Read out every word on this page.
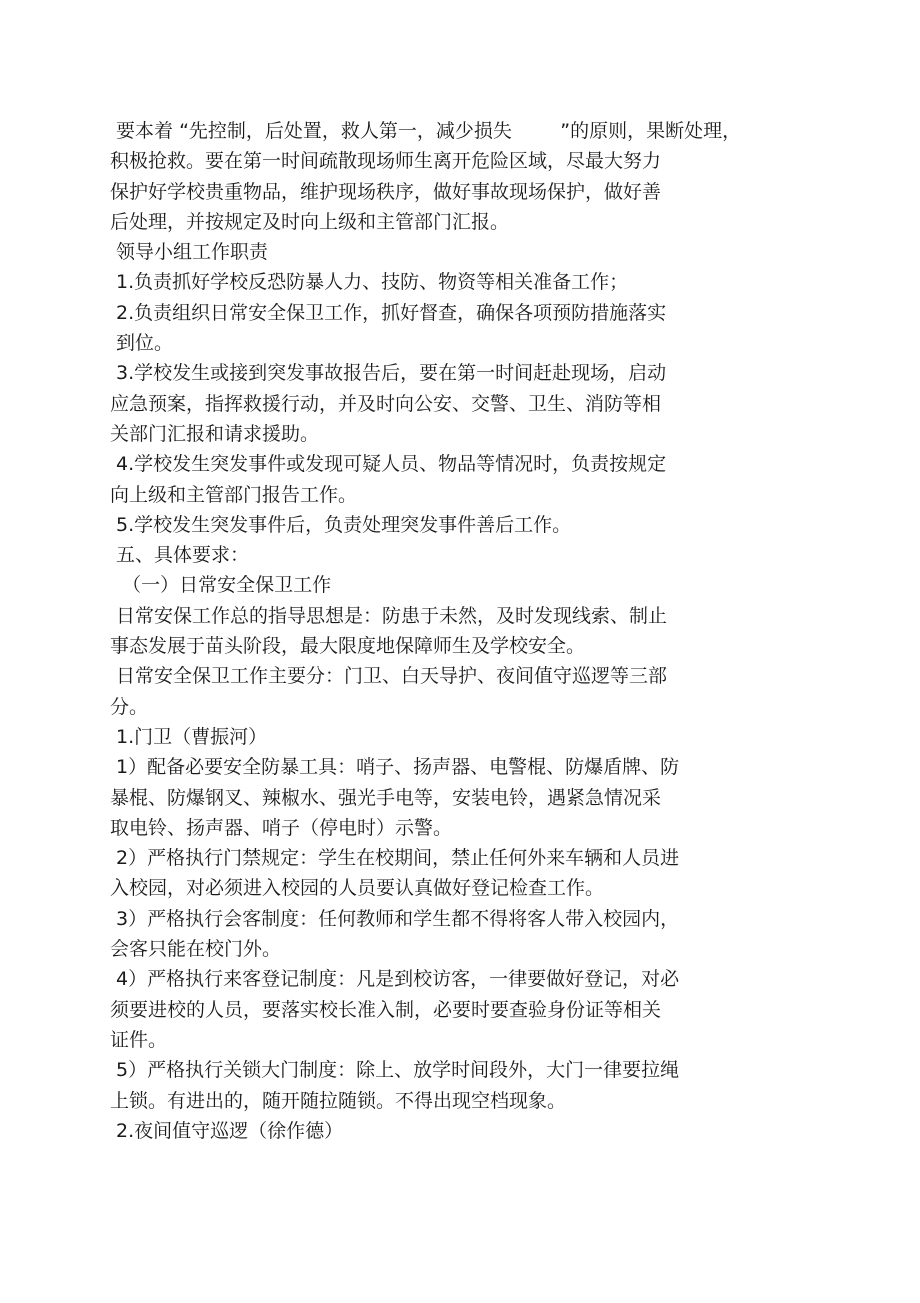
要本着 “先控制，后处置，救人第一，减少损失        ”的原则，果断处理，
积极抢救。要在第一时间疏散现场师生离开危险区域，尽最大努力
保护好学校贵重物品，维护现场秩序，做好事故现场保护，做好善
后处理，并按规定及时向上级和主管部门汇报。
领导小组工作职责
1.负责抓好学校反恐防暴人力、技防、物资等相关准备工作；
2.负责组织日常安全保卫工作，抓好督查，确保各项预防措施落实
到位。
3.学校发生或接到突发事故报告后，要在第一时间赶赴现场，启动
应急预案，指挥救援行动，并及时向公安、交警、卫生、消防等相
关部门汇报和请求援助。
4.学校发生突发事件或发现可疑人员、物品等情况时，负责按规定
向上级和主管部门报告工作。
5.学校发生突发事件后，负责处理突发事件善后工作。
五、具体要求：
（一）日常安全保卫工作
日常安保工作总的指导思想是：防患于未然，及时发现线索、制止
事态发展于苗头阶段，最大限度地保障师生及学校安全。
日常安全保卫工作主要分：门卫、白天导护、夜间值守巡逻等三部
分。
1.门卫（曹振河）
1）配备必要安全防暴工具：哨子、扬声器、电警棍、防爆盾牌、防
暴棍、防爆钢叉、辣椒水、强光手电等，安装电铃，遇紧急情况采
取电铃、扬声器、哨子（停电时）示警。
2）严格执行门禁规定：学生在校期间，禁止任何外来车辆和人员进
入校园，对必须进入校园的人员要认真做好登记检查工作。
3）严格执行会客制度：任何教师和学生都不得将客人带入校园内，
会客只能在校门外。
4）严格执行来客登记制度：凡是到校访客，一律要做好登记，对必
须要进校的人员，要落实校长准入制，必要时要查验身份证等相关
证件。
5）严格执行关锁大门制度：除上、放学时间段外，大门一律要拉绳
上锁。有进出的，随开随拉随锁。不得出现空档现象。
2.夜间值守巡逻（徐作德）
